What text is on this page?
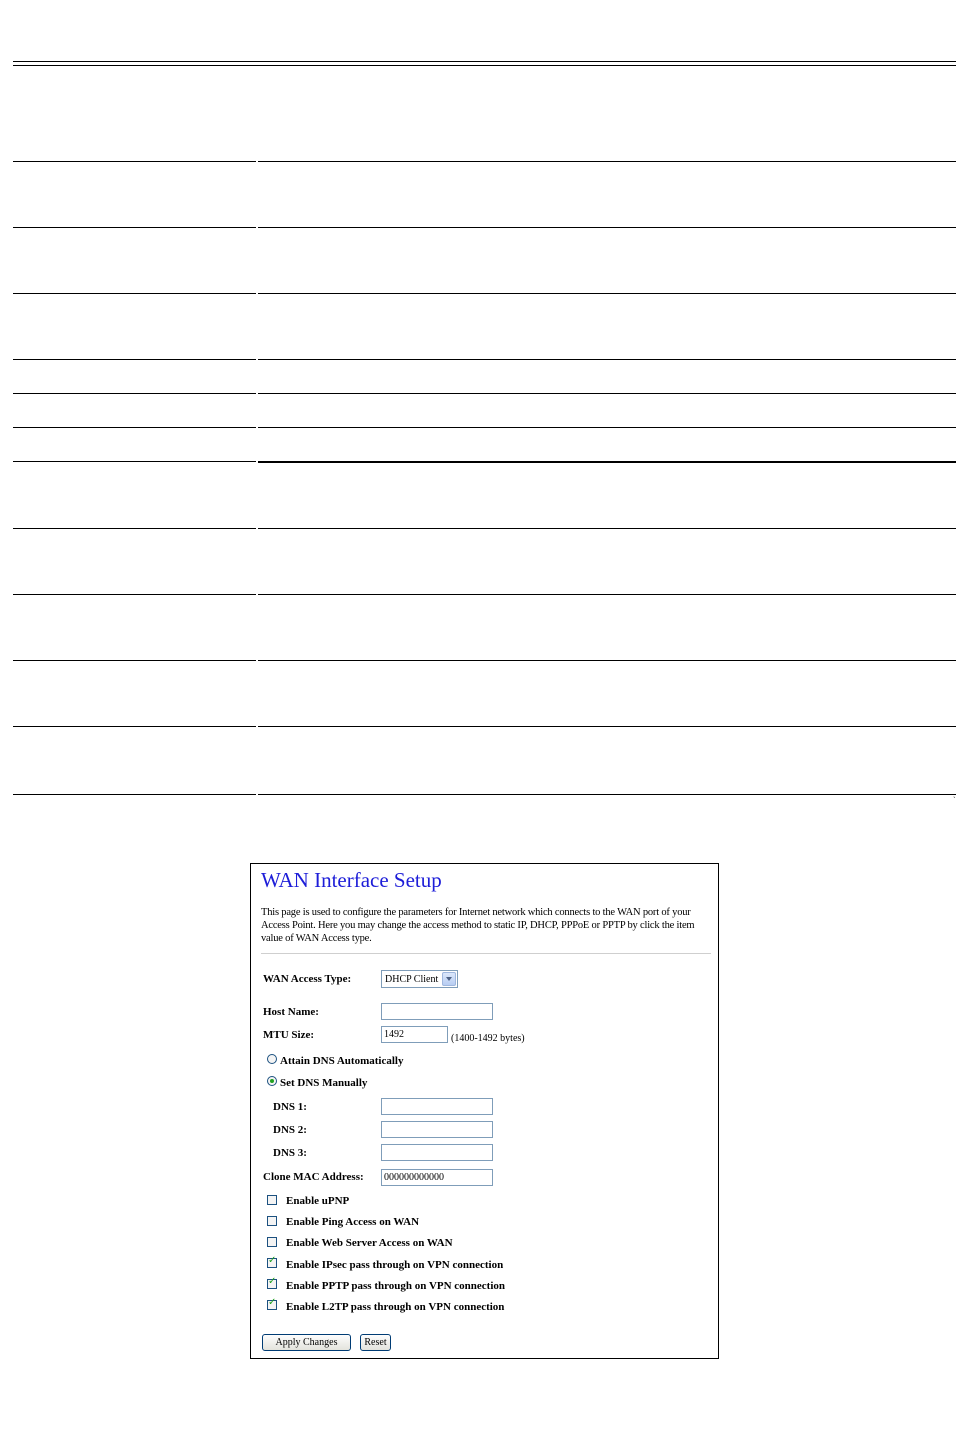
ˏ
WAN Interface Setup
This page is used to configure the parameters for Internet network which connects to the WAN port of your Access Point. Here you may change the access method to static IP, DHCP, PPPoE or PPTP by click the item value of WAN Access type.
WAN Access Type:	DHCP Client
Host Name:
MTU Size:
1492	(1400-1492 bytes)
Attain DNS Automatically
Set DNS Manually
DNS 1:
DNS 2:
DNS 3:
Clone MAC Address:
000000000000
Enable uPNP
Enable Ping Access on WAN
Enable Web Server Access on WAN
✓
Enable IPsec pass through on VPN connection
✓
Enable PPTP pass through on VPN connection
✓
Enable L2TP pass through on VPN connection
Apply Changes	Reset
